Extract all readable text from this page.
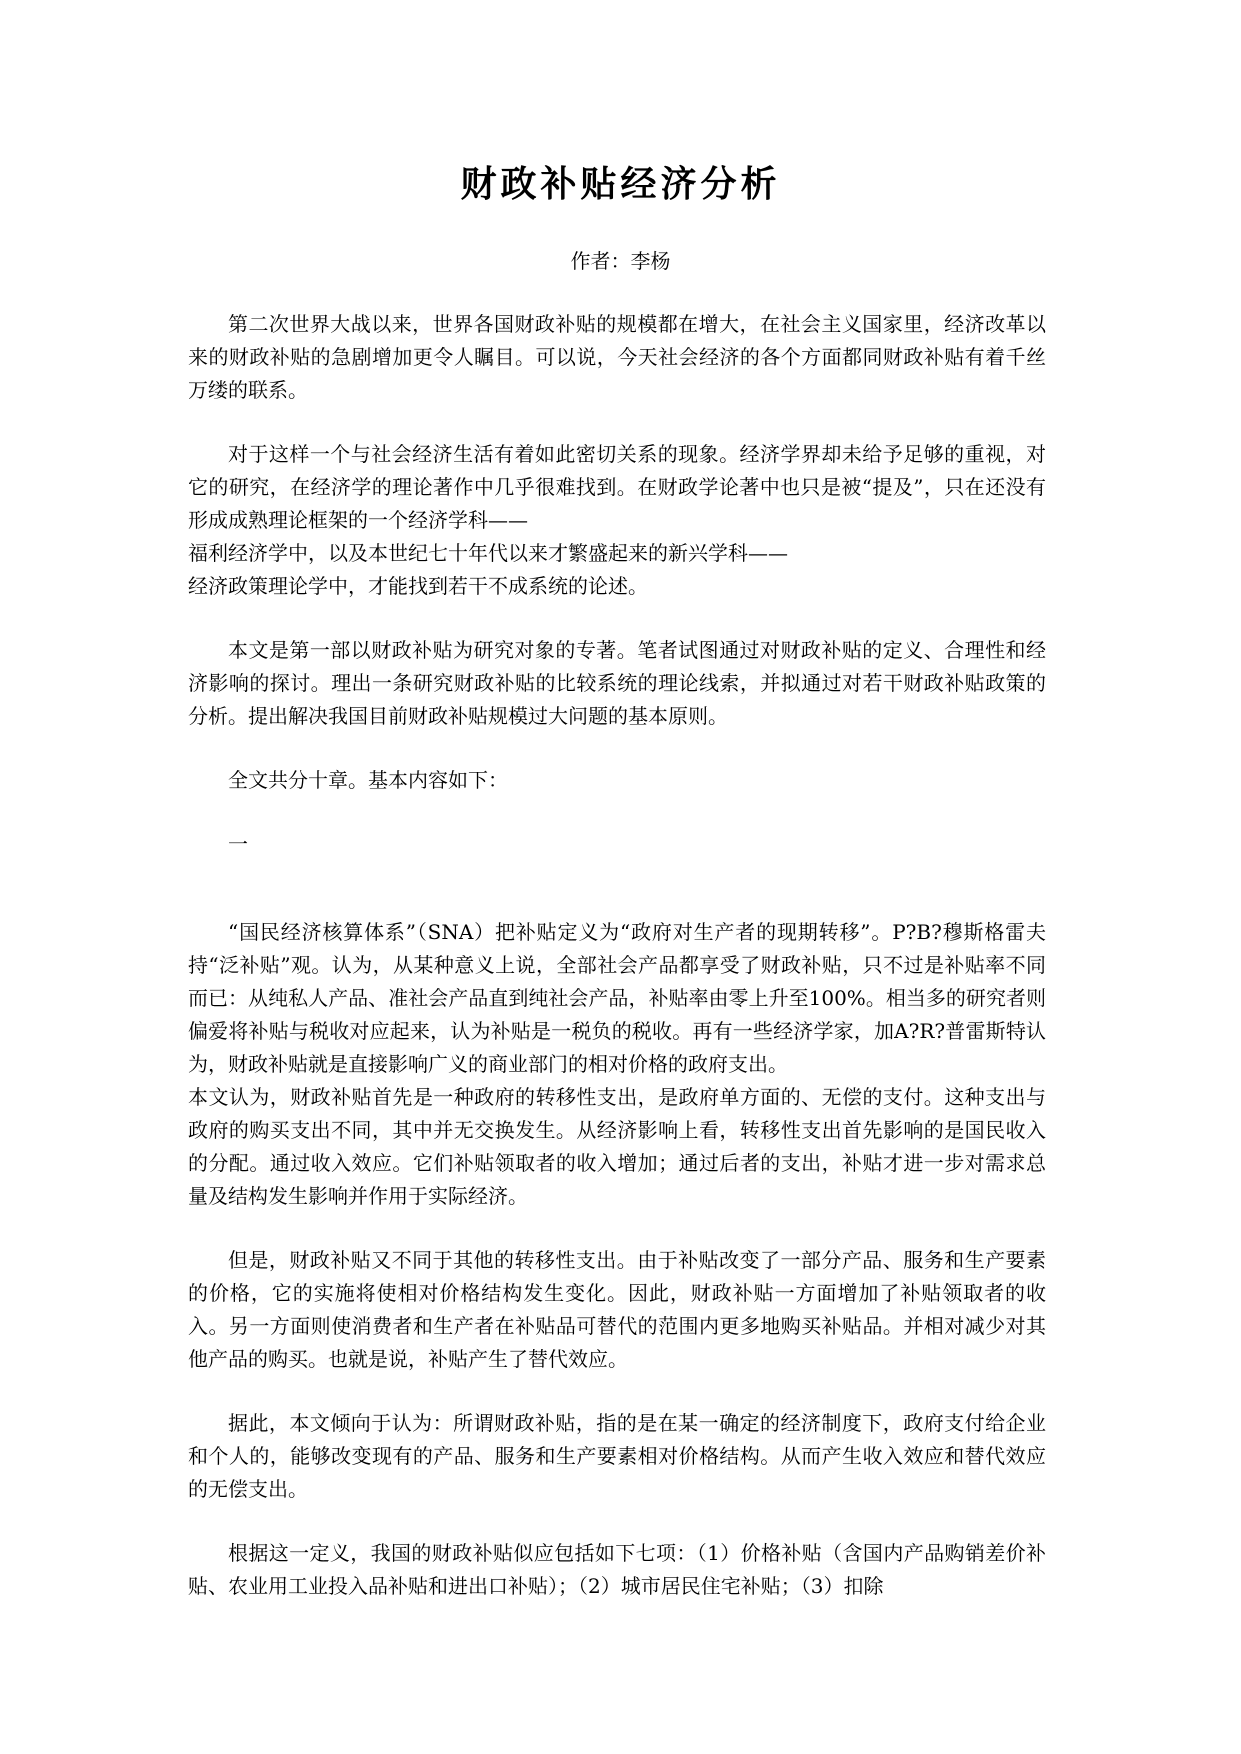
财政补贴经济分析
作者：李杨

第二次世界大战以来，世界各国财政补贴的规模都在增大，在社会主义国家里，经济改革以来的财政补贴的急剧增加更令人瞩目。可以说，今天社会经济的各个方面都同财政补贴有着千丝万缕的联系。

对于这样一个与社会经济生活有着如此密切关系的现象。经济学界却未给予足够的重视，对它的研究，在经济学的理论著作中几乎很难找到。在财政学论著中也只是被“提及”，只在还没有形成成熟理论框架的一个经济学科——

福利经济学中，以及本世纪七十年代以来才繁盛起来的新兴学科——

经济政策理论学中，才能找到若干不成系统的论述。

本文是第一部以财政补贴为研究对象的专著。笔者试图通过对财政补贴的定义、合理性和经济影响的探讨。理出一条研究财政补贴的比较系统的理论线索，并拟通过对若干财政补贴政策的分析。提出解决我国目前财政补贴规模过大问题的基本原则。

全文共分十章。基本内容如下：

一

“国民经济核算体系”（SNA）把补贴定义为“政府对生产者的现期转移”。P?B?穆斯格雷夫持“泛补贴”观。认为，从某种意义上说，全部社会产品都享受了财政补贴，只不过是补贴率不同而已：从纯私人产品、准社会产品直到纯社会产品，补贴率由零上升至100%。相当多的研究者则偏爱将补贴与税收对应起来，认为补贴是一税负的税收。再有一些经济学家，加A?R?普雷斯特认为，财政补贴就是直接影响广义的商业部门的相对价格的政府支出。

本文认为，财政补贴首先是一种政府的转移性支出，是政府单方面的、无偿的支付。这种支出与政府的购买支出不同，其中并无交换发生。从经济影响上看，转移性支出首先影响的是国民收入的分配。通过收入效应。它们补贴领取者的收入增加；通过后者的支出，补贴才进一步对需求总量及结构发生影响并作用于实际经济。

但是，财政补贴又不同于其他的转移性支出。由于补贴改变了一部分产品、服务和生产要素的价格，它的实施将使相对价格结构发生变化。因此，财政补贴一方面增加了补贴领取者的收入。另一方面则使消费者和生产者在补贴品可替代的范围内更多地购买补贴品。并相对减少对其他产品的购买。也就是说，补贴产生了替代效应。

据此，本文倾向于认为：所谓财政补贴，指的是在某一确定的经济制度下，政府支付给企业和个人的，能够改变现有的产品、服务和生产要素相对价格结构。从而产生收入效应和替代效应的无偿支出。

根据这一定义，我国的财政补贴似应包括如下七项：（1）价格补贴（含国内产品购销差价补贴、农业用工业投入品补贴和进出口补贴）；（2）城市居民住宅补贴；（3）扣除
